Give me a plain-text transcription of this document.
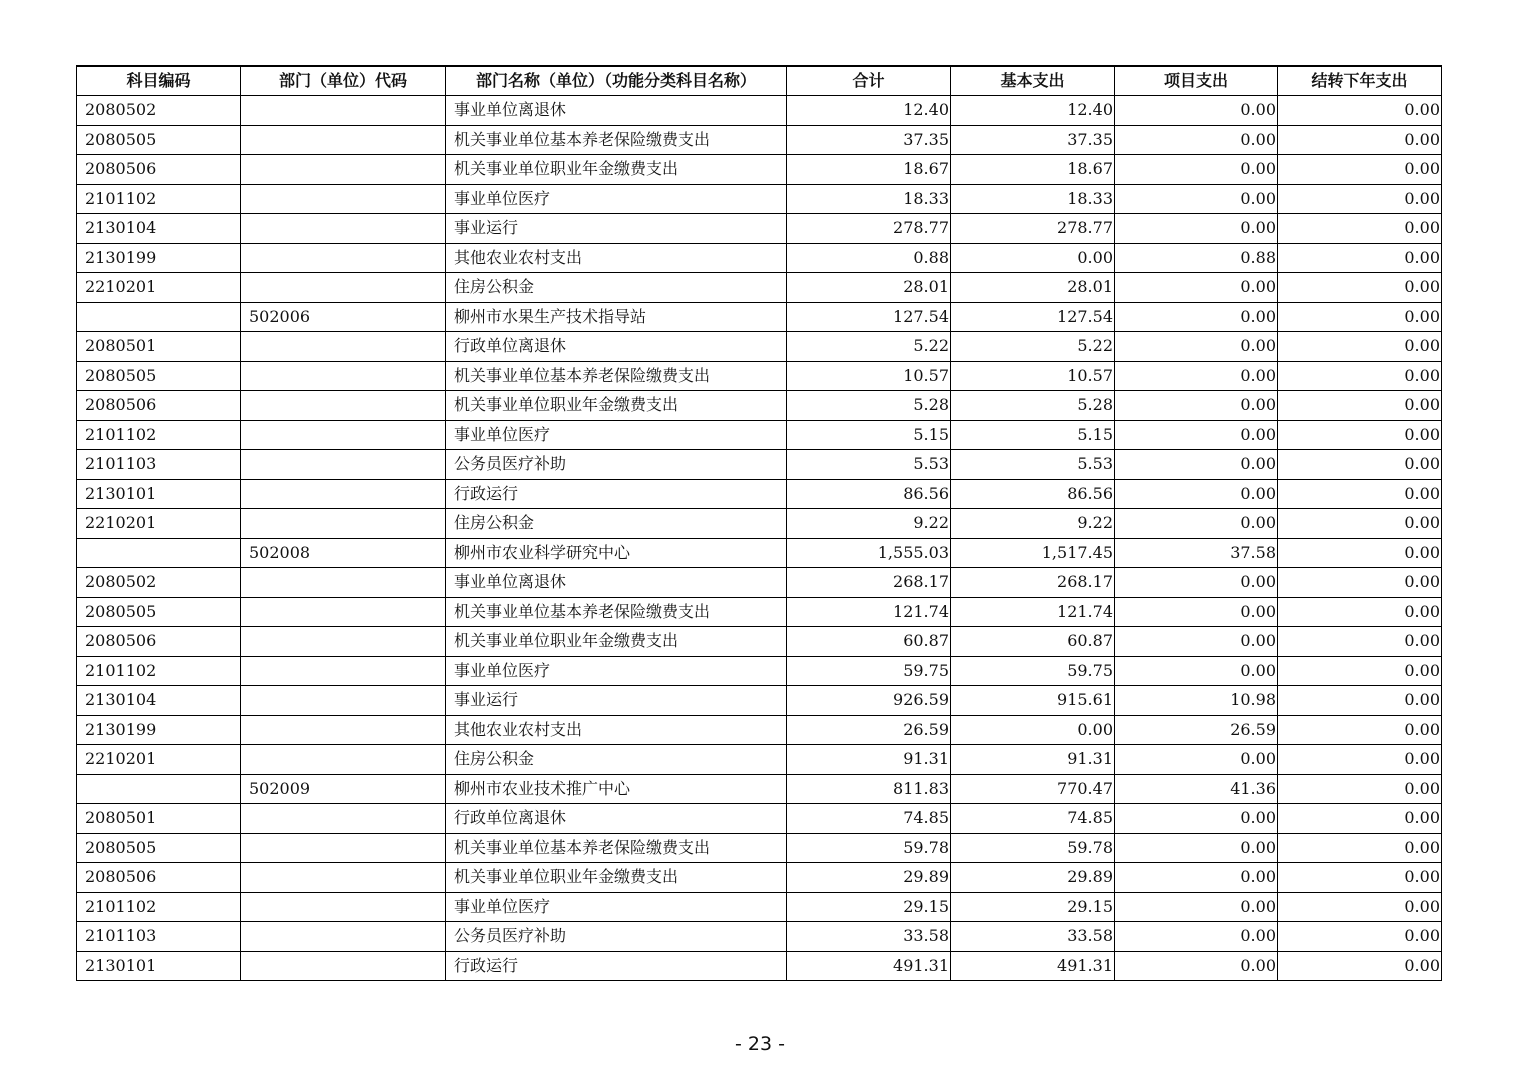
科目编码	部门（单位）代码	部门名称（单位）（功能分类科目名称）	合计	基本支出	项目支出	结转下年支出
2080502		事业单位离退休	12.40	12.40	0.00	0.00
2080505		机关事业单位基本养老保险缴费支出	37.35	37.35	0.00	0.00
2080506		机关事业单位职业年金缴费支出	18.67	18.67	0.00	0.00
2101102		事业单位医疗	18.33	18.33	0.00	0.00
2130104		事业运行	278.77	278.77	0.00	0.00
2130199		其他农业农村支出	0.88	0.00	0.88	0.00
2210201		住房公积金	28.01	28.01	0.00	0.00
	502006	柳州市水果生产技术指导站	127.54	127.54	0.00	0.00
2080501		行政单位离退休	5.22	5.22	0.00	0.00
2080505		机关事业单位基本养老保险缴费支出	10.57	10.57	0.00	0.00
2080506		机关事业单位职业年金缴费支出	5.28	5.28	0.00	0.00
2101102		事业单位医疗	5.15	5.15	0.00	0.00
2101103		公务员医疗补助	5.53	5.53	0.00	0.00
2130101		行政运行	86.56	86.56	0.00	0.00
2210201		住房公积金	9.22	9.22	0.00	0.00
	502008	柳州市农业科学研究中心	1,555.03	1,517.45	37.58	0.00
2080502		事业单位离退休	268.17	268.17	0.00	0.00
2080505		机关事业单位基本养老保险缴费支出	121.74	121.74	0.00	0.00
2080506		机关事业单位职业年金缴费支出	60.87	60.87	0.00	0.00
2101102		事业单位医疗	59.75	59.75	0.00	0.00
2130104		事业运行	926.59	915.61	10.98	0.00
2130199		其他农业农村支出	26.59	0.00	26.59	0.00
2210201		住房公积金	91.31	91.31	0.00	0.00
	502009	柳州市农业技术推广中心	811.83	770.47	41.36	0.00
2080501		行政单位离退休	74.85	74.85	0.00	0.00
2080505		机关事业单位基本养老保险缴费支出	59.78	59.78	0.00	0.00
2080506		机关事业单位职业年金缴费支出	29.89	29.89	0.00	0.00
2101102		事业单位医疗	29.15	29.15	0.00	0.00
2101103		公务员医疗补助	33.58	33.58	0.00	0.00
2130101		行政运行	491.31	491.31	0.00	0.00
- 23 -
